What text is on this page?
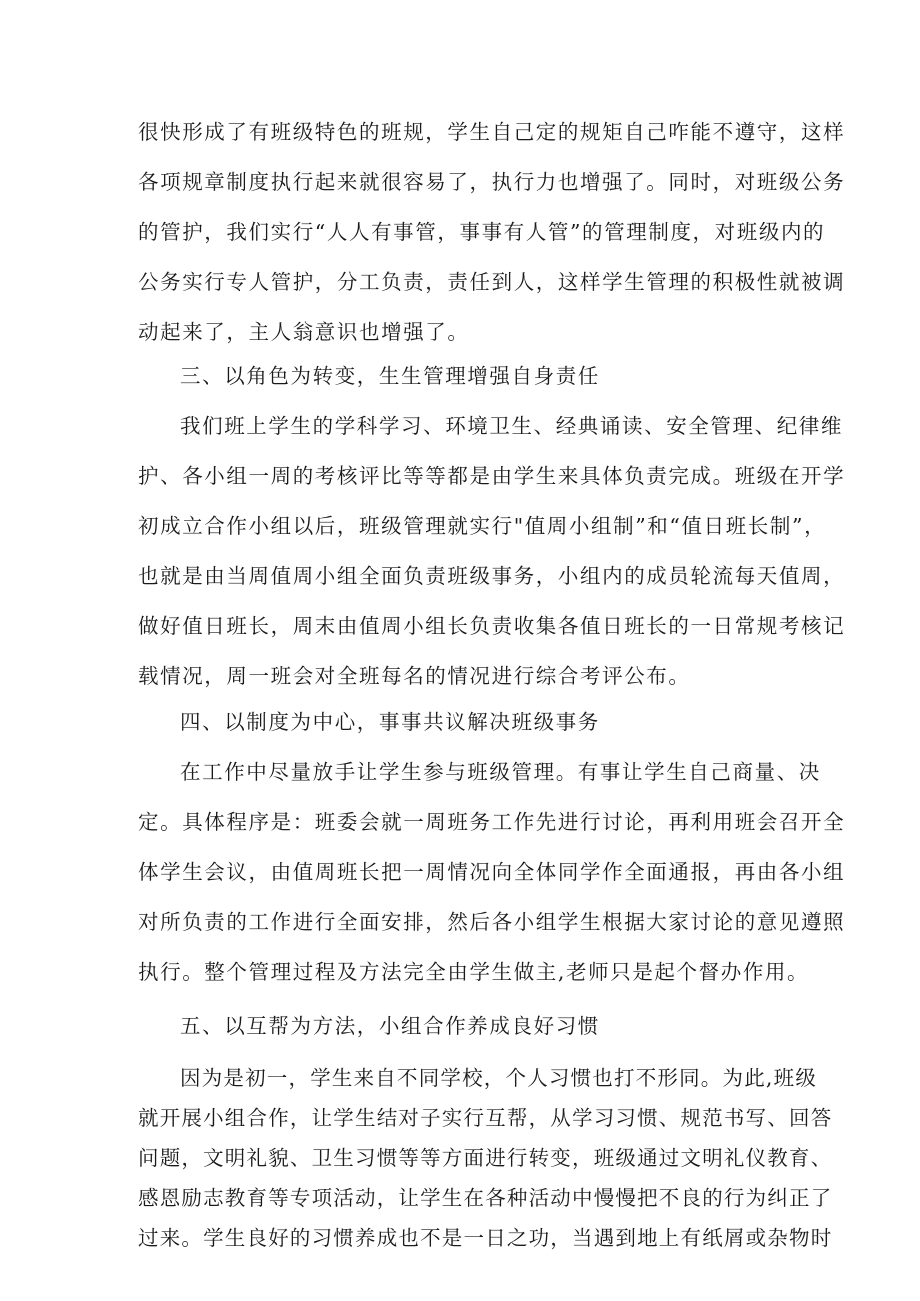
很快形成了有班级特色的班规，学生自己定的规矩自己咋能不遵守，这样

各项规章制度执行起来就很容易了，执行力也增强了。同时，对班级公务

的管护，我们实行“人人有事管，事事有人管”的管理制度，对班级内的

公务实行专人管护，分工负责，责任到人，这样学生管理的积极性就被调

动起来了，主人翁意识也增强了。

三、以角色为转变，生生管理增强自身责任

我们班上学生的学科学习、环境卫生、经典诵读、安全管理、纪律维

护、各小组一周的考核评比等等都是由学生来具体负责完成。班级在开学

初成立合作小组以后，班级管理就实行"值周小组制”和“值日班长制”，

也就是由当周值周小组全面负责班级事务，小组内的成员轮流每天值周，

做好值日班长，周末由值周小组长负责收集各值日班长的一日常规考核记

载情况，周一班会对全班每名的情况进行综合考评公布。

四、以制度为中心，事事共议解决班级事务

在工作中尽量放手让学生参与班级管理。有事让学生自己商量、决

定。具体程序是：班委会就一周班务工作先进行讨论，再利用班会召开全

体学生会议，由值周班长把一周情况向全体同学作全面通报，再由各小组

对所负责的工作进行全面安排，然后各小组学生根据大家讨论的意见遵照

执行。整个管理过程及方法完全由学生做主,老师只是起个督办作用。

五、以互帮为方法，小组合作养成良好习惯

因为是初一，学生来自不同学校，个人习惯也打不形同。为此,班级

就开展小组合作，让学生结对子实行互帮，从学习习惯、规范书写、回答

问题，文明礼貌、卫生习惯等等方面进行转变，班级通过文明礼仪教育、

感恩励志教育等专项活动，让学生在各种活动中慢慢把不良的行为纠正了

过来。学生良好的习惯养成也不是一日之功，当遇到地上有纸屑或杂物时
